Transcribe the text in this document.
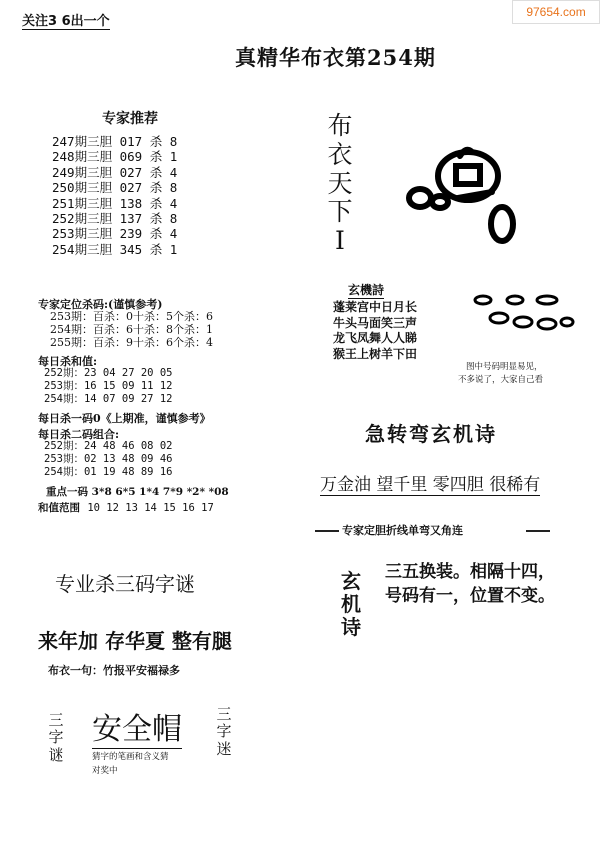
97654.com
关注3 6出一个
真精华布衣第254期
专家推荐
247期三胆 017 杀 8
248期三胆 069 杀 1
249期三胆 027 杀 4
250期三胆 027 杀 8
251期三胆 138 杀 4
252期三胆 137 杀 8
253期三胆 239 杀 4
254期三胆 345 杀 1
布衣天下I
专家定位杀码:(谨慎参考)
253期：百杀：0十杀：5个杀：6
254期：百杀：6十杀：8个杀：1
255期：百杀：9十杀：6个杀：4
每日杀和值:
252期：23 04 27 20 05
253期：16 15 09 11 12
254期：14 07 09 27 12
每日杀一码0《上期准，谨慎参考》
每日杀二码组合:
252期：24 48 46 08 02
253期：02 13 48 09 46
254期：01 19 48 89 16
重点一码 3*8 6*5 1*4 7*9 *2* *08
和值范围 10 12 13 14 15 16 17
玄機詩
蓬莱宫中日月长
牛头马面笑三声
龙飞凤舞人人睇
猴王上树羊下田
图中号码明显易见，
不多说了，大家自己看
急转弯玄机诗
万金油 望千里 零四胆 很稀有
专家定胆折线单弯又角连
玄机诗
三五换装。相隔十四，
号码有一，位置不变。
专业杀三码字谜
来年加 存华夏 整有腿
布衣一句：竹报平安福禄多
三字谜
安全帽	三字迷
猜字的笔画和含义猜
对奖中
